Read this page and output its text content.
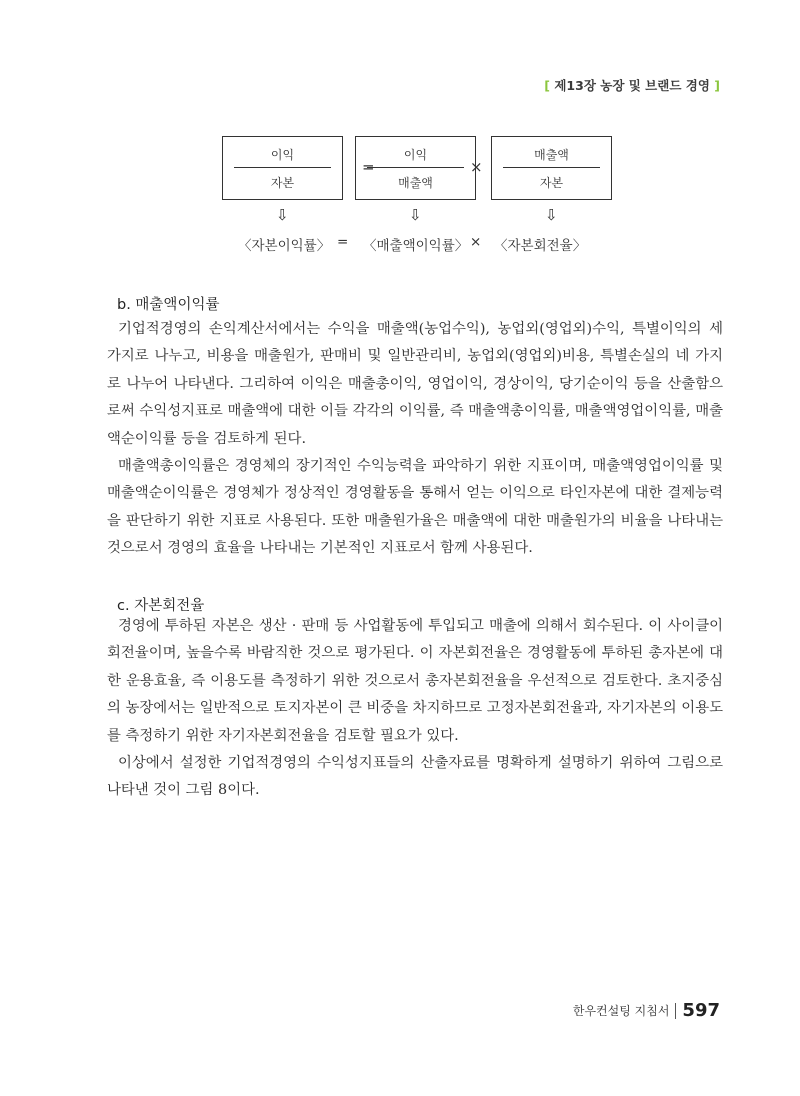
[ 제13장 농장 및 브랜드 경영 ]
이익
자본
=
이익
매출액
×
매출액
자본
⇩	⇩	⇩
〈자본이익률〉 = 〈매출액이익률〉 × 〈자본회전율〉
b. 매출액이익률

기업적경영의 손익계산서에서는 수익을 매출액(농업수익), 농업외(영업외)수익, 특별이익의 세 가지로 나누고, 비용을 매출원가, 판매비 및 일반관리비, 농업외(영업외)비용, 특별손실의 네 가지로 나누어 나타낸다. 그리하여 이익은 매출총이익, 영업이익, 경상이익, 당기순이익 등을 산출함으로써 수익성지표로 매출액에 대한 이들 각각의 이익률, 즉 매출액총이익률, 매출액영업이익률, 매출액순이익률 등을 검토하게 된다.

매출액총이익률은 경영체의 장기적인 수익능력을 파악하기 위한 지표이며, 매출액영업이익률 및 매출액순이익률은 경영체가 정상적인 경영활동을 통해서 얻는 이익으로 타인자본에 대한 결제능력을 판단하기 위한 지표로 사용된다. 또한 매출원가율은 매출액에 대한 매출원가의 비율을 나타내는 것으로서 경영의 효율을 나타내는 기본적인 지표로서 함께 사용된다.

c. 자본회전율

경영에 투하된 자본은 생산 · 판매 등 사업활동에 투입되고 매출에 의해서 회수된다. 이 사이클이 회전율이며, 높을수록 바람직한 것으로 평가된다. 이 자본회전율은 경영활동에 투하된 총자본에 대한 운용효율, 즉 이용도를 측정하기 위한 것으로서 총자본회전율을 우선적으로 검토한다. 초지중심의 농장에서는 일반적으로 토지자본이 큰 비중을 차지하므로 고정자본회전율과, 자기자본의 이용도를 측정하기 위한 자기자본회전율을 검토할 필요가 있다.

이상에서 설정한 기업적경영의 수익성지표들의 산출자료를 명확하게 설명하기 위하여 그림으로 나타낸 것이 그림 8이다.

한우컨설팅 지침서 597
